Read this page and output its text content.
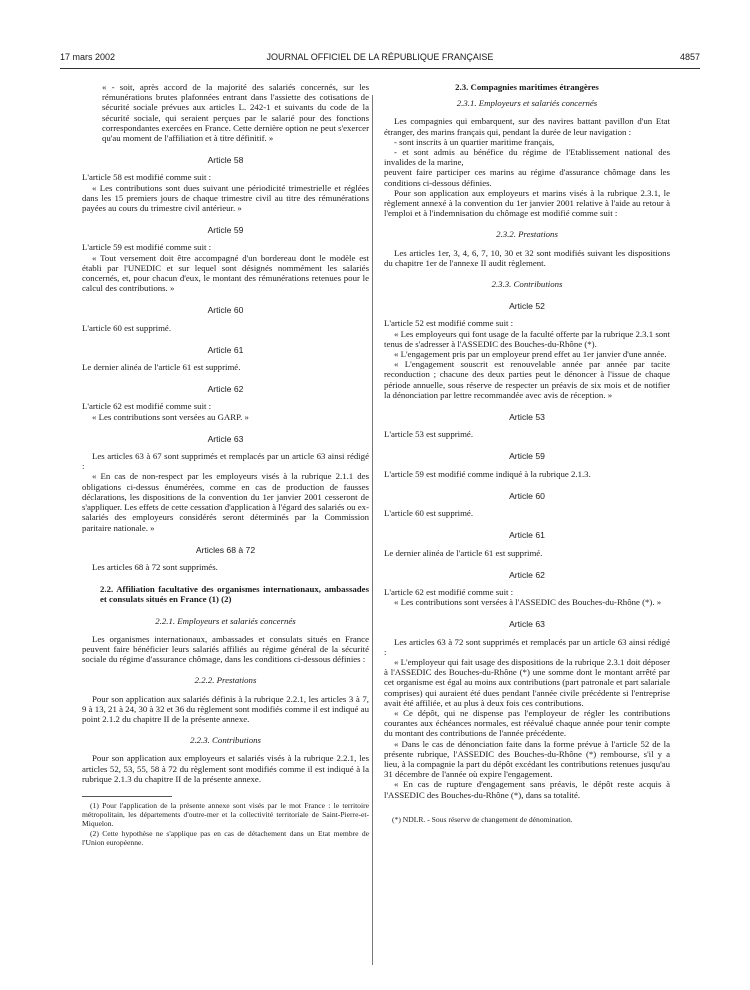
17 mars 2002	JOURNAL OFFICIEL DE LA RÉPUBLIQUE FRANÇAISE	4857

« - soit, après accord de la majorité des salariés concernés, sur les rémunérations brutes plafonnées entrant dans l'assiette des cotisations de sécurité sociale prévues aux articles L. 242-1 et suivants du code de la sécurité sociale, qui seraient perçues par le salarié pour des fonctions correspondantes exercées en France. Cette dernière option ne peut s'exercer qu'au moment de l'affiliation et à titre définitif. »

Article 58

L'article 58 est modifié comme suit :

« Les contributions sont dues suivant une périodicité trimestrielle et réglées dans les 15 premiers jours de chaque trimestre civil au titre des rémunérations payées au cours du trimestre civil antérieur. »

Article 59

L'article 59 est modifié comme suit :

« Tout versement doit être accompagné d'un bordereau dont le modèle est établi par l'UNEDIC et sur lequel sont désignés nommément les salariés concernés, et, pour chacun d'eux, le montant des rémunérations retenues pour le calcul des contributions. »

Article 60

L'article 60 est supprimé.

Article 61

Le dernier alinéa de l'article 61 est supprimé.

Article 62

L'article 62 est modifié comme suit :

« Les contributions sont versées au GARP. »

Article 63

Les articles 63 à 67 sont supprimés et remplacés par un article 63 ainsi rédigé :

« En cas de non-respect par les employeurs visés à la rubrique 2.1.1 des obligations ci-dessus énumérées, comme en cas de production de fausses déclarations, les dispositions de la convention du 1er janvier 2001 cesseront de s'appliquer. Les effets de cette cessation d'application à l'égard des salariés ou ex-salariés des employeurs considérés seront déterminés par la Commission paritaire nationale. »

Articles 68 à 72

Les articles 68 à 72 sont supprimés.

2.2. Affiliation facultative des organismes internationaux, ambassades et consulats situés en France (1) (2)
2.2.1. Employeurs et salariés concernés

Les organismes internationaux, ambassades et consulats situés en France peuvent faire bénéficier leurs salariés affiliés au régime général de la sécurité sociale du régime d'assurance chômage, dans les conditions ci-dessous définies :

2.2.2. Prestations

Pour son application aux salariés définis à la rubrique 2.2.1, les articles 3 à 7, 9 à 13, 21 à 24, 30 à 32 et 36 du règlement sont modifiés comme il est indiqué au point 2.1.2 du chapitre II de la présente annexe.

2.2.3. Contributions

Pour son application aux employeurs et salariés visés à la rubrique 2.2.1, les articles 52, 53, 55, 58 à 72 du règlement sont modifiés comme il est indiqué à la rubrique 2.1.3 du chapitre II de la présente annexe.

(1) Pour l'application de la présente annexe sont visés par le mot France : le territoire métropolitain, les départements d'outre-mer et la collectivité territoriale de Saint-Pierre-et-Miquelon.

(2) Cette hypothèse ne s'applique pas en cas de détachement dans un Etat membre de l'Union européenne.

2.3. Compagnies maritimes étrangères
2.3.1. Employeurs et salariés concernés

Les compagnies qui embarquent, sur des navires battant pavillon d'un Etat étranger, des marins français qui, pendant la durée de leur navigation :

- sont inscrits à un quartier maritime français,

- et sont admis au bénéfice du régime de l'Etablissement national des invalides de la marine,

peuvent faire participer ces marins au régime d'assurance chômage dans les conditions ci-dessous définies.

Pour son application aux employeurs et marins visés à la rubrique 2.3.1, le règlement annexé à la convention du 1er janvier 2001 relative à l'aide au retour à l'emploi et à l'indemnisation du chômage est modifié comme suit :

2.3.2. Prestations

Les articles 1er, 3, 4, 6, 7, 10, 30 et 32 sont modifiés suivant les dispositions du chapitre 1er de l'annexe II audit règlement.

2.3.3. Contributions
Article 52

L'article 52 est modifié comme suit :

« Les employeurs qui font usage de la faculté offerte par la rubrique 2.3.1 sont tenus de s'adresser à l'ASSEDIC des Bouches-du-Rhône (*).

« L'engagement pris par un employeur prend effet au 1er janvier d'une année.

« L'engagement souscrit est renouvelable année par année par tacite reconduction ; chacune des deux parties peut le dénoncer à l'issue de chaque période annuelle, sous réserve de respecter un préavis de six mois et de notifier la dénonciation par lettre recommandée avec avis de réception. »

Article 53

L'article 53 est supprimé.

Article 59

L'article 59 est modifié comme indiqué à la rubrique 2.1.3.

Article 60

L'article 60 est supprimé.

Article 61

Le dernier alinéa de l'article 61 est supprimé.

Article 62

L'article 62 est modifié comme suit :

« Les contributions sont versées à l'ASSEDIC des Bouches-du-Rhône (*). »

Article 63

Les articles 63 à 72 sont supprimés et remplacés par un article 63 ainsi rédigé :

« L'employeur qui fait usage des dispositions de la rubrique 2.3.1 doit déposer à l'ASSEDIC des Bouches-du-Rhône (*) une somme dont le montant arrêté par cet organisme est égal au moins aux contributions (part patronale et part salariale comprises) qui auraient été dues pendant l'année civile précédente si l'entreprise avait été affiliée, et au plus à deux fois ces contributions.

« Ce dépôt, qui ne dispense pas l'employeur de régler les contributions courantes aux échéances normales, est réévalué chaque année pour tenir compte du montant des contributions de l'année précédente.

« Dans le cas de dénonciation faite dans la forme prévue à l'article 52 de la présente rubrique, l'ASSEDIC des Bouches-du-Rhône (*) rembourse, s'il y a lieu, à la compagnie la part du dépôt excédant les contributions retenues jusqu'au 31 décembre de l'année où expire l'engagement.

« En cas de rupture d'engagement sans préavis, le dépôt reste acquis à l'ASSEDIC des Bouches-du-Rhône (*), dans sa totalité.

(*) NDLR. - Sous réserve de changement de dénomination.
